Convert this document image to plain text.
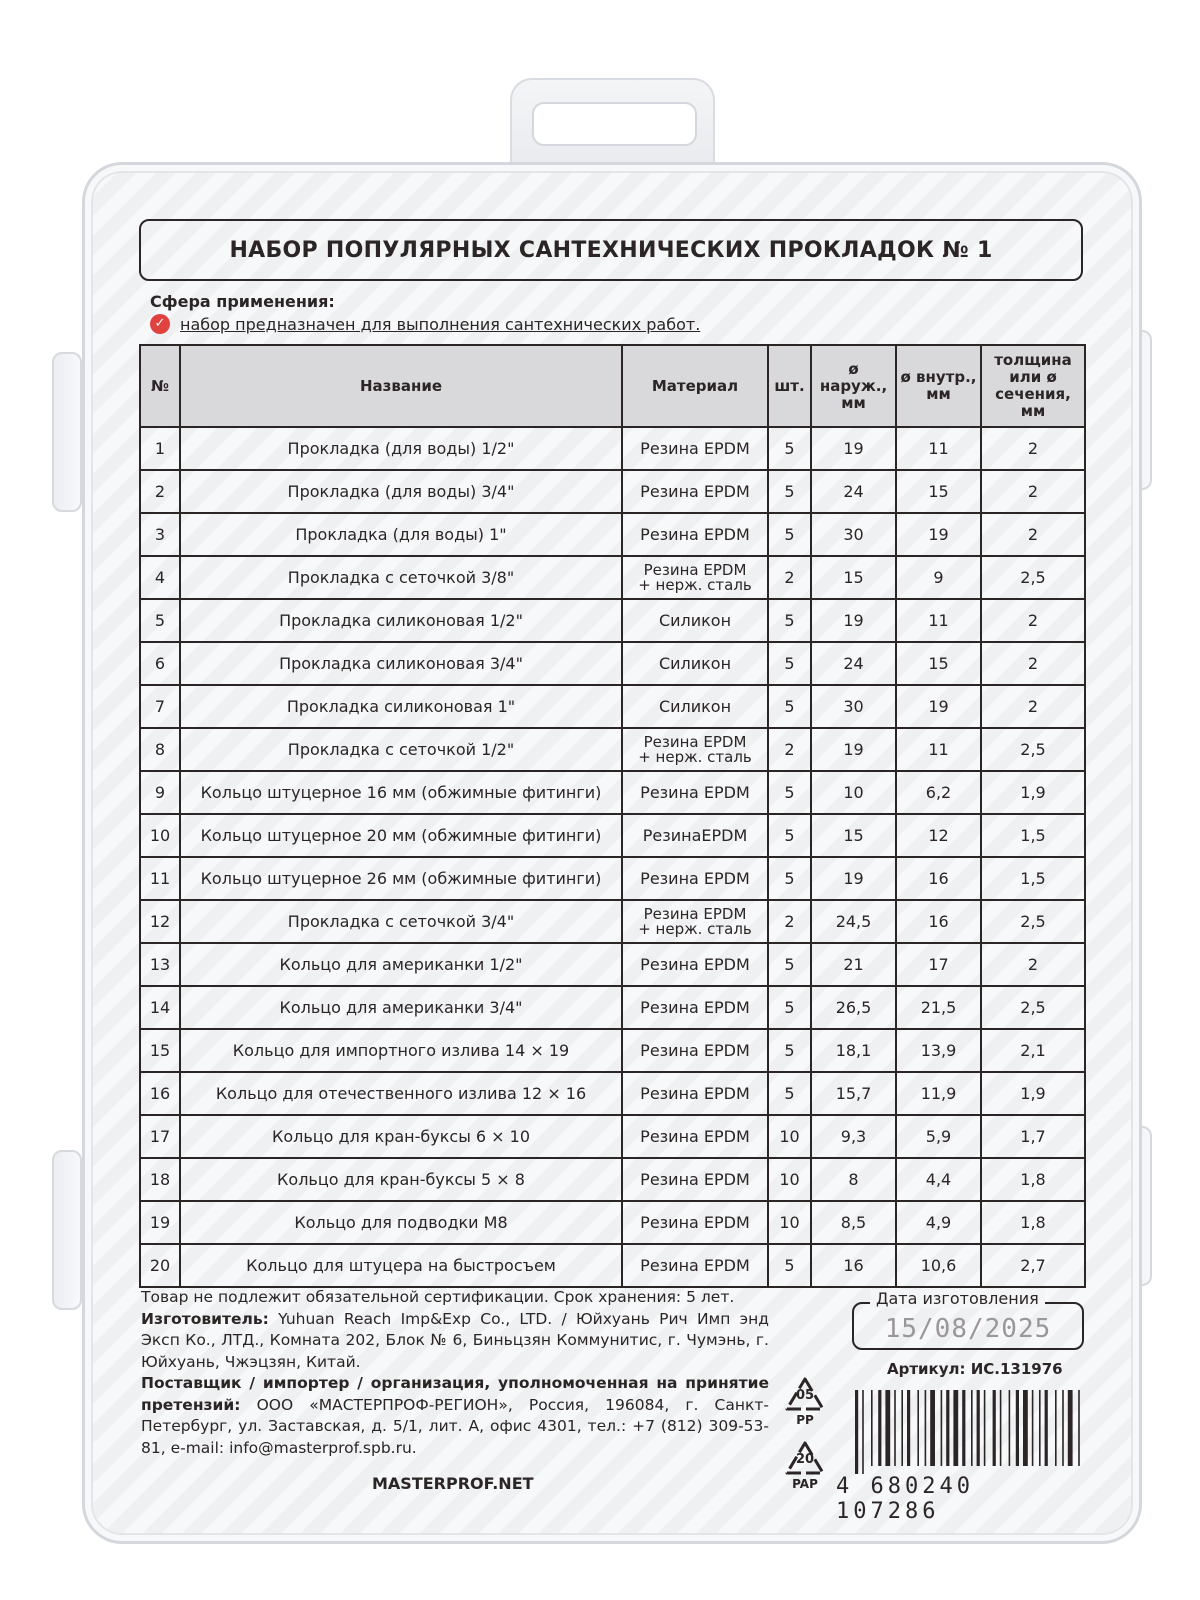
НАБОР ПОПУЛЯРНЫХ САНТЕХНИЧЕСКИХ ПРОКЛАДОК № 1
Сфера применения:
✓ набор предназначен для выполнения сантехнических работ.
№	Название	Материал	шт.	ø наруж., мм	ø внутр., мм	толщина или ø сечения, мм
1	Прокладка (для воды) 1/2"	Резина EPDM	5	19	11	2
2	Прокладка (для воды) 3/4"	Резина EPDM	5	24	15	2
3	Прокладка (для воды) 1"	Резина EPDM	5	30	19	2
4	Прокладка с сеточкой 3/8"	Резина EPDM
+ нерж. сталь	2	15	9	2,5
5	Прокладка силиконовая 1/2"	Силикон	5	19	11	2
6	Прокладка силиконовая 3/4"	Силикон	5	24	15	2
7	Прокладка силиконовая 1"	Силикон	5	30	19	2
8	Прокладка с сеточкой 1/2"	Резина EPDM
+ нерж. сталь	2	19	11	2,5
9	Кольцо штуцерное 16 мм (обжимные фитинги)	Резина EPDM	5	10	6,2	1,9
10	Кольцо штуцерное 20 мм (обжимные фитинги)	РезинаEPDM	5	15	12	1,5
11	Кольцо штуцерное 26 мм (обжимные фитинги)	Резина EPDM	5	19	16	1,5
12	Прокладка с сеточкой 3/4"	Резина EPDM
+ нерж. сталь	2	24,5	16	2,5
13	Кольцо для американки 1/2"	Резина EPDM	5	21	17	2
14	Кольцо для американки 3/4"	Резина EPDM	5	26,5	21,5	2,5
15	Кольцо для импортного излива 14 × 19	Резина EPDM	5	18,1	13,9	2,1
16	Кольцо для отечественного излива 12 × 16	Резина EPDM	5	15,7	11,9	1,9
17	Кольцо для кран-буксы 6 × 10	Резина EPDM	10	9,3	5,9	1,7
18	Кольцо для кран-буксы 5 × 8	Резина EPDM	10	8	4,4	1,8
19	Кольцо для подводки М8	Резина EPDM	10	8,5	4,9	1,8
20	Кольцо для штуцера на быстросъем	Резина EPDM	5	16	10,6	2,7
Товар не подлежит обязательной сертификации. Срок хранения: 5 лет.
Изготовитель: Yuhuan Reach Imp&Exp Co., LTD. / Юйхуань Рич Имп энд Эксп Ко., ЛТД., Комната 202, Блок № 6, Биньцзян Коммунитис, г. Чумэнь, г. Юйхуань, Чжэцзян, Китай.
Поставщик / импортер / организация, уполномоченная на принятие претензий: ООО «МАСТЕРПРОФ-РЕГИОН», Россия, 196084, г. Санкт-Петербург, ул. Заставская, д. 5/1, лит. А, офис 4301, тел.: +7 (812) 309-53-81, e-mail: info@masterprof.spb.ru.
MASTERPROF.NET
Дата изготовления
15/08/2025
Артикул: ИС.131976
05
PP
20
PAP 4 680240 107286
